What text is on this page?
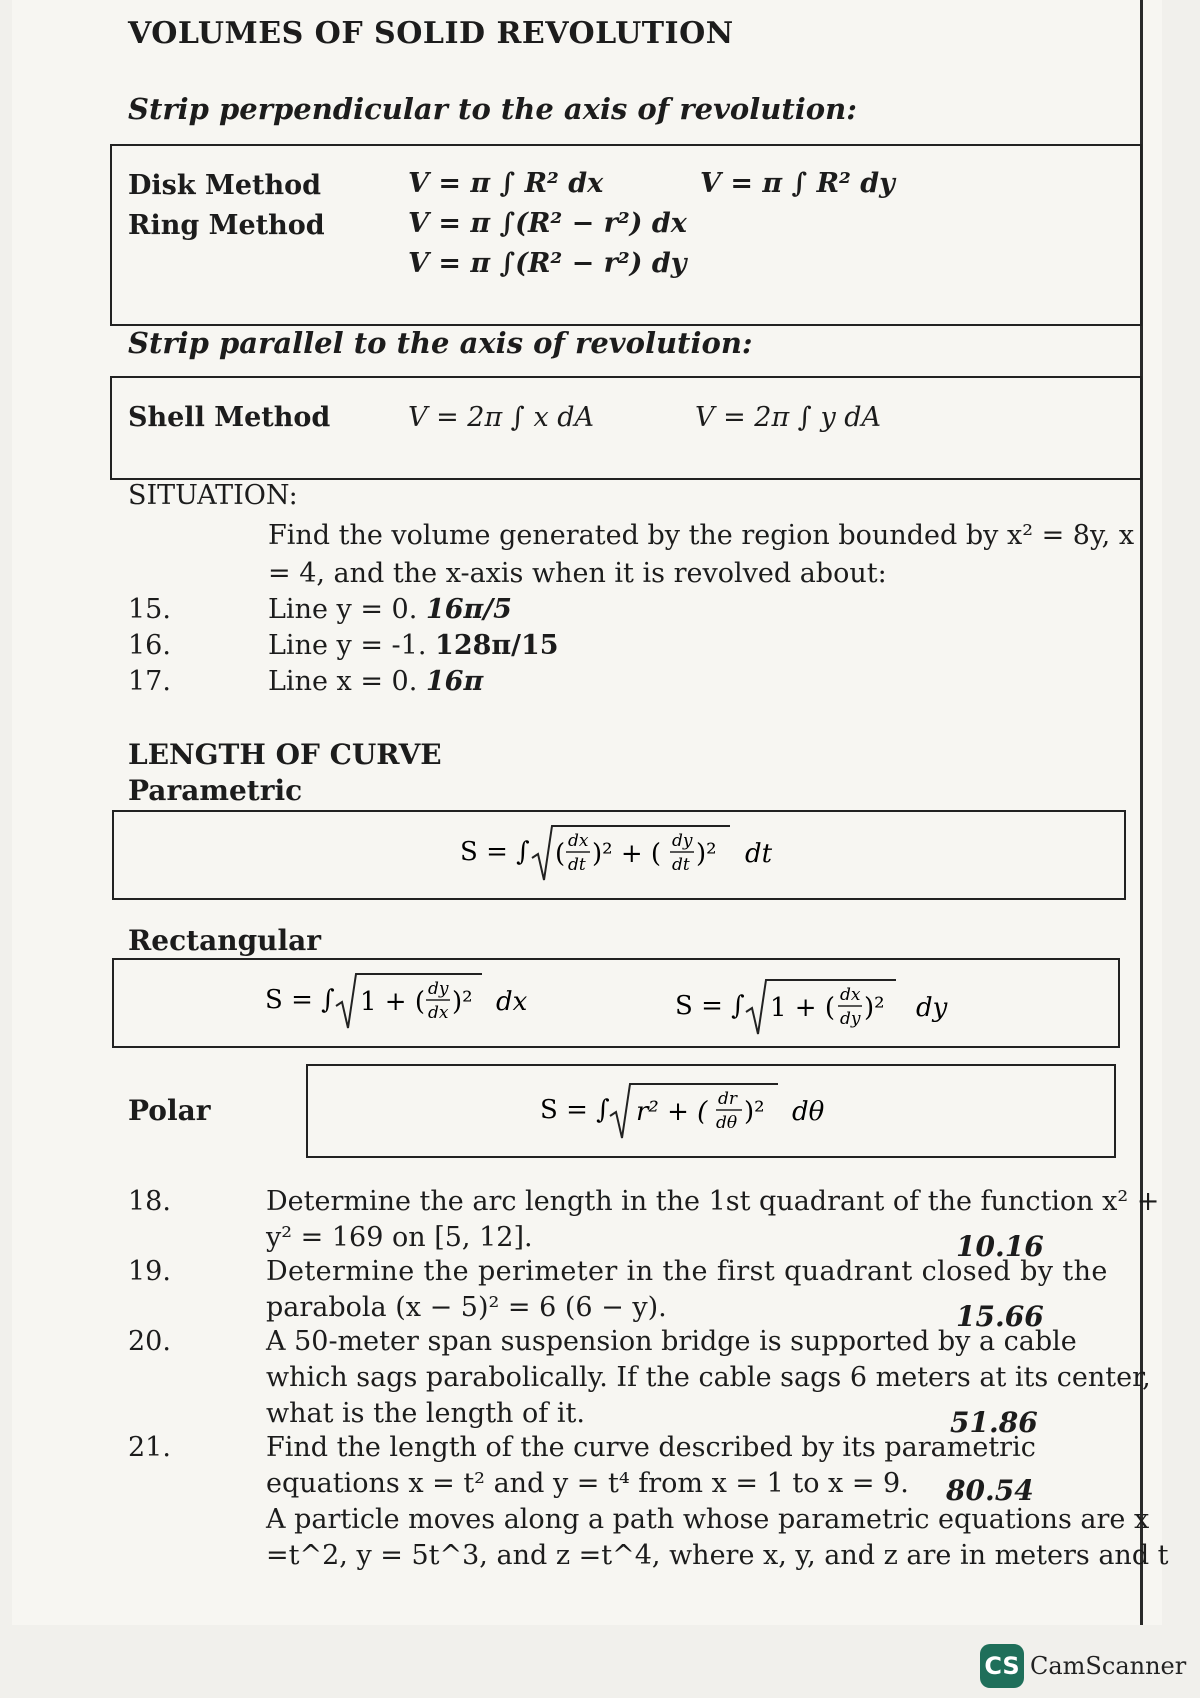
VOLUMES OF SOLID REVOLUTION
Strip perpendicular to the axis of revolution:
Disk Method	V = π ∫ R² dx	V = π ∫ R² dy
Ring Method	V = π ∫(R² − r²) dx
V = π ∫(R² − r²) dy
Strip parallel to the axis of revolution:
Shell Method	V = 2π ∫ x dA	V = 2π ∫ y dA
SITUATION:
Find the volume generated by the region bounded by x² = 8y, x
= 4, and the x-axis when it is revolved about:
15.	Line y = 0. 16π/5
16.	Line y = -1. 128π/15
17.	Line x = 0. 16π
LENGTH OF CURVE
Parametric
S = ∫ ( dx
dt )² + ( dy
dt )² dt
Rectangular
S = ∫ 1 + ( dy
dx )² dx	S = ∫ 1 + ( dx
dy )² dy
Polar	S = ∫ r² + ( dr
dθ )² dθ
18.	Determine the arc length in the 1st quadrant of the function x² +
y² = 169 on [5, 12].	10.16
19.	Determine the perimeter in the first quadrant closed by the
parabola (x − 5)² = 6 (6 − y).	15.66
20.	A 50-meter span suspension bridge is supported by a cable
which sags parabolically. If the cable sags 6 meters at its center,
what is the length of it.	51.86
21.	Find the length of the curve described by its parametric
equations x = t² and y = t⁴ from x = 1 to x = 9. 80.54
A particle moves along a path whose parametric equations are x
=t^2, y = 5t^3, and z =t^4, where x, y, and z are in meters and t
CS CamScanner
